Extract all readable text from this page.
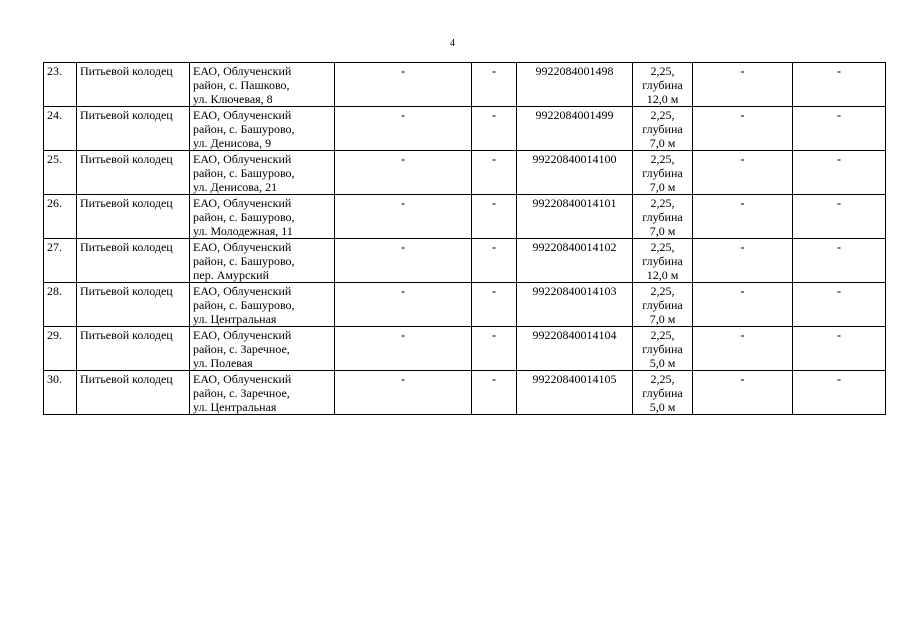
4
23.	Питьевой колодец	ЕАО, Облученский
район, с. Пашково,
ул. Ключевая, 8	-	-	9922084001498	2,25,
глубина
12,0 м	-	-
24.	Питьевой колодец	ЕАО, Облученский
район, с. Башурово,
ул. Денисова, 9	-	-	9922084001499	2,25,
глубина
7,0 м	-	-
25.	Питьевой колодец	ЕАО, Облученский
район, с. Башурово,
ул. Денисова, 21	-	-	99220840014100	2,25,
глубина
7,0 м	-	-
26.	Питьевой колодец	ЕАО, Облученский
район, с. Башурово,
ул. Молодежная, 11	-	-	99220840014101	2,25,
глубина
7,0 м	-	-
27.	Питьевой колодец	ЕАО, Облученский
район, с. Башурово,
пер. Амурский	-	-	99220840014102	2,25,
глубина
12,0 м	-	-
28.	Питьевой колодец	ЕАО, Облученский
район, с. Башурово,
ул. Центральная	-	-	99220840014103	2,25,
глубина
7,0 м	-	-
29.	Питьевой колодец	ЕАО, Облученский
район, с. Заречное,
ул. Полевая	-	-	99220840014104	2,25,
глубина
5,0 м	-	-
30.	Питьевой колодец	ЕАО, Облученский
район, с. Заречное,
ул. Центральная	-	-	99220840014105	2,25,
глубина
5,0 м	-	-
